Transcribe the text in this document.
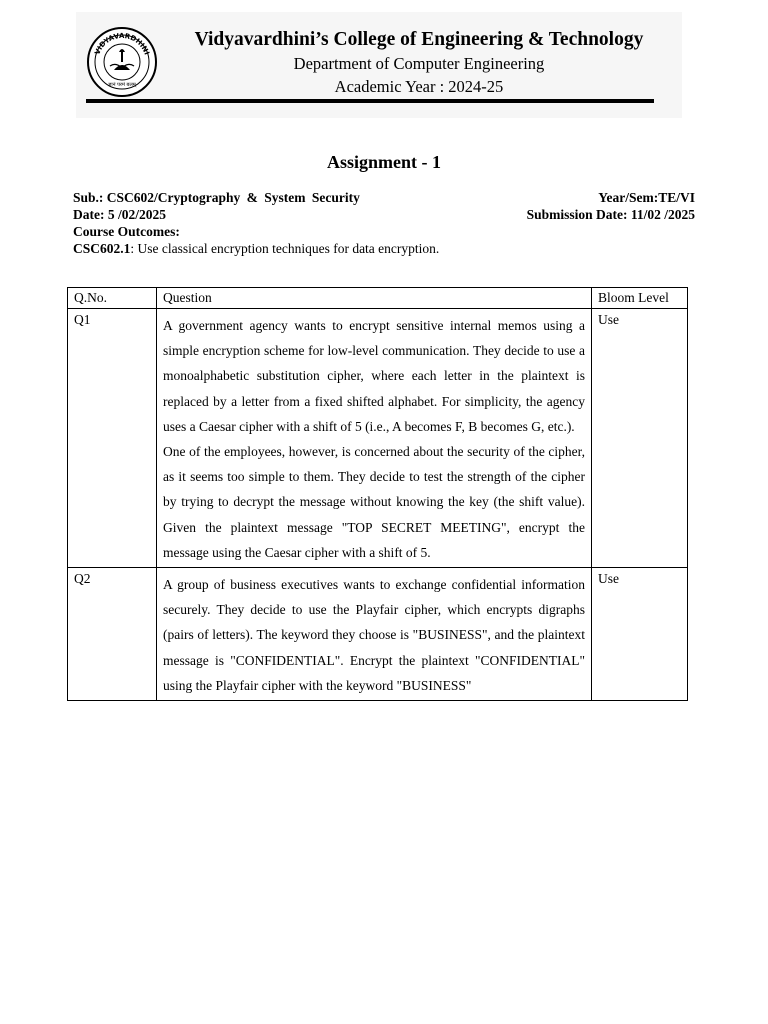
VIDYAVARDHINI
ज्ञानं परमं बलम्
Vidyavardhini’s College of Engineering & Technology
Department of Computer Engineering
Academic Year : 2024-25
Assignment - 1
Sub.: CSC602/Cryptography & System Security	Year/Sem:TE/VI
Date: 5 /02/2025	Submission Date: 11/02 /2025
Course Outcomes:
CSC602.1: Use classical encryption techniques for data encryption.
Q.No.	Question	Bloom Level
Q1	A government agency wants to encrypt sensitive internal memos using a simple encryption scheme for low-level communication. They decide to use a monoalphabetic substitution cipher, where each letter in the plaintext is replaced by a letter from a fixed shifted alphabet. For simplicity, the agency uses a Caesar cipher with a shift of 5 (i.e., A becomes F, B becomes G, etc.).

One of the employees, however, is concerned about the security of the cipher, as it seems too simple to them. They decide to test the strength of the cipher by trying to decrypt the message without knowing the key (the shift value). Given the plaintext message "TOP SECRET MEETING", encrypt the message using the Caesar cipher with a shift of 5.	Use
Q2	A group of business executives wants to exchange confidential information securely. They decide to use the Playfair cipher, which encrypts digraphs (pairs of letters). The keyword they choose is "BUSINESS", and the plaintext message is "CONFIDENTIAL". Encrypt the plaintext "CONFIDENTIAL" using the Playfair cipher with the keyword "BUSINESS"	Use
